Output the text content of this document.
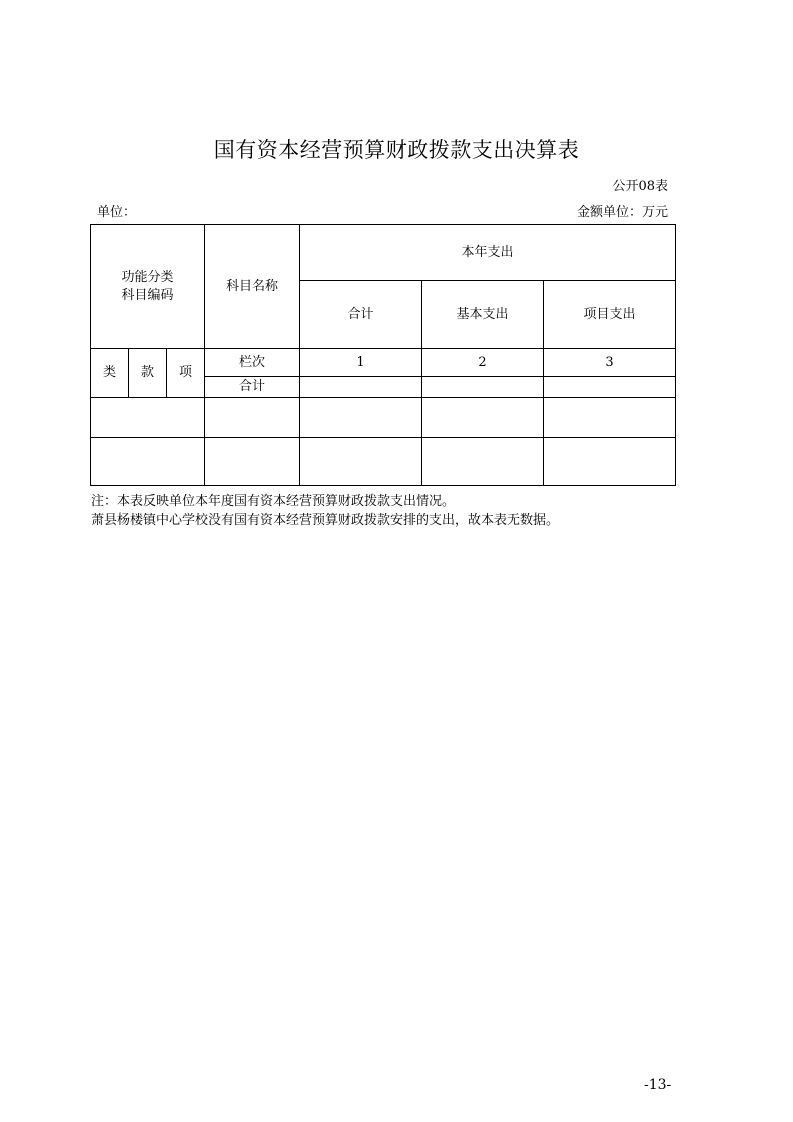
国有资本经营预算财政拨款支出决算表
公开08表
单位：	金额单位：万元
功能分类
科目编码			科目名称	本年支出		
				合计	基本支出	项目支出
类	款	项	栏次	1	2	3
			合计			

注：本表反映单位本年度国有资本经营预算财政拨款支出情况。
萧县杨楼镇中心学校没有国有资本经营预算财政拨款安排的支出，故本表无数据。
-13-
